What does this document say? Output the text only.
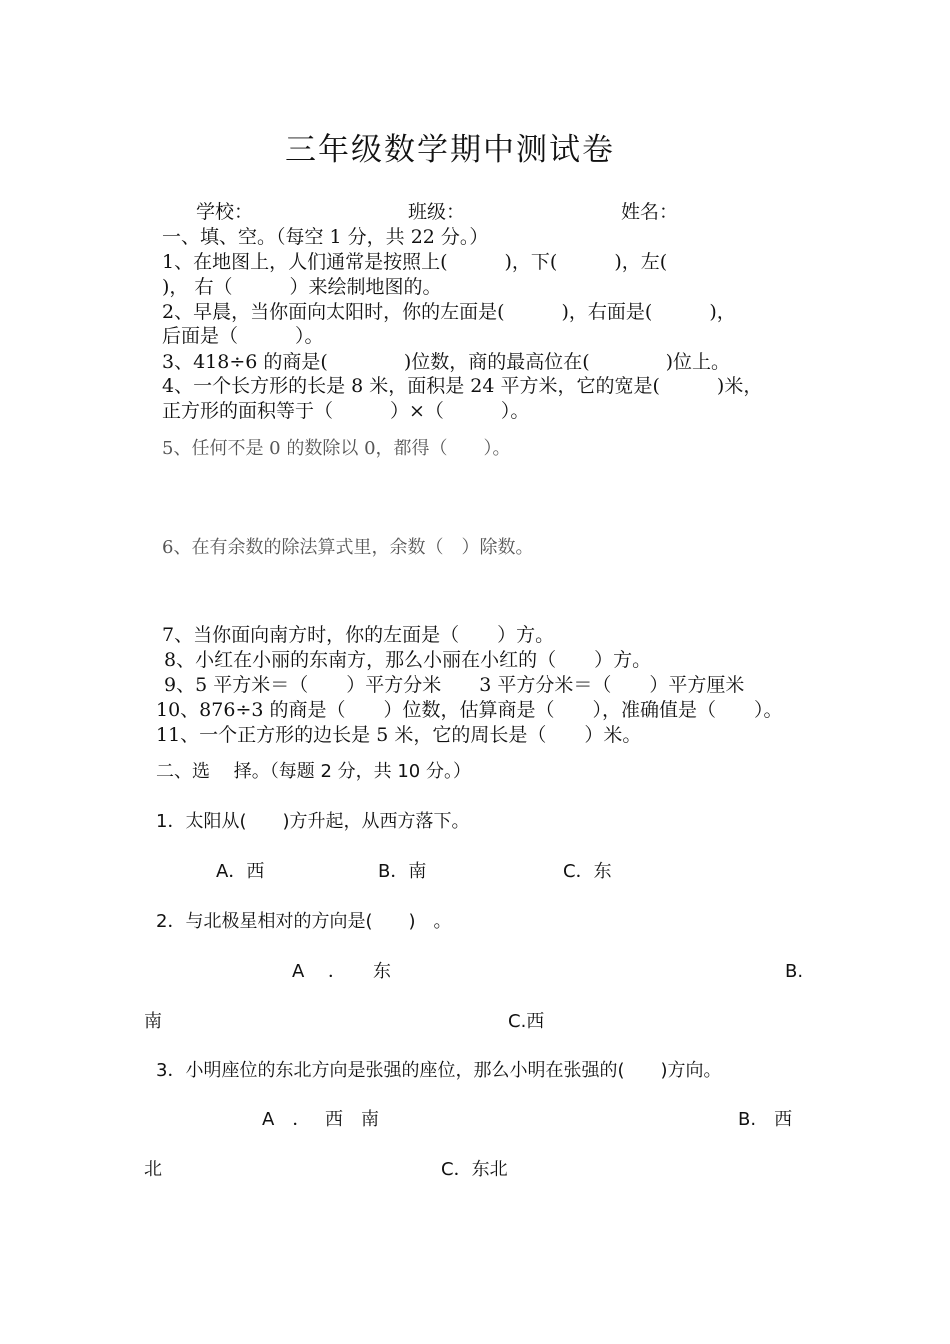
三年级数学期中测试卷
学校：	班级：	姓名：
一、填、空。（每空 1 分，共 22 分。）
1、在地图上，人们通常是按照上(　　　)，下(　　　)，左(
)， 右（　　　）来绘制地图的。
2、早晨，当你面向太阳时，你的左面是(　　　)，右面是(　　　)，
后面是（　　　）。
3、418÷6 的商是(　　　　)位数，商的最高位在(　　　　)位上。
4、一个长方形的长是 8 米，面积是 24 平方米，它的宽是(　　　)米，
正方形的面积等于（　　　）×（　　　）。
5、任何不是 0 的数除以 0，都得（　　）。
6、在有余数的除法算式里，余数（　）除数。
7、当你面向南方时，你的左面是（　　）方。
8、小红在小丽的东南方，那么小丽在小红的（　　）方。
9、5 平方米＝（　　）平方分米　　3 平方分米＝（　　）平方厘米
10、876÷3 的商是（　　）位数，估算商是（　　），准确值是（　　）。
11、一个正方形的边长是 5 米，它的周长是（　　）米。
二、选　 择。（每题 2 分，共 10 分。）
1．太阳从(　　)方升起，从西方落下。
A．西	B．南	C．东
2．与北极星相对的方向是(　　)　。
A　 ．　　东	B.
南	C.西
3．小明座位的东北方向是张强的座位，那么小明在张强的(　　)方向。
A　．　 西　南	B.　西
北	C．东北
